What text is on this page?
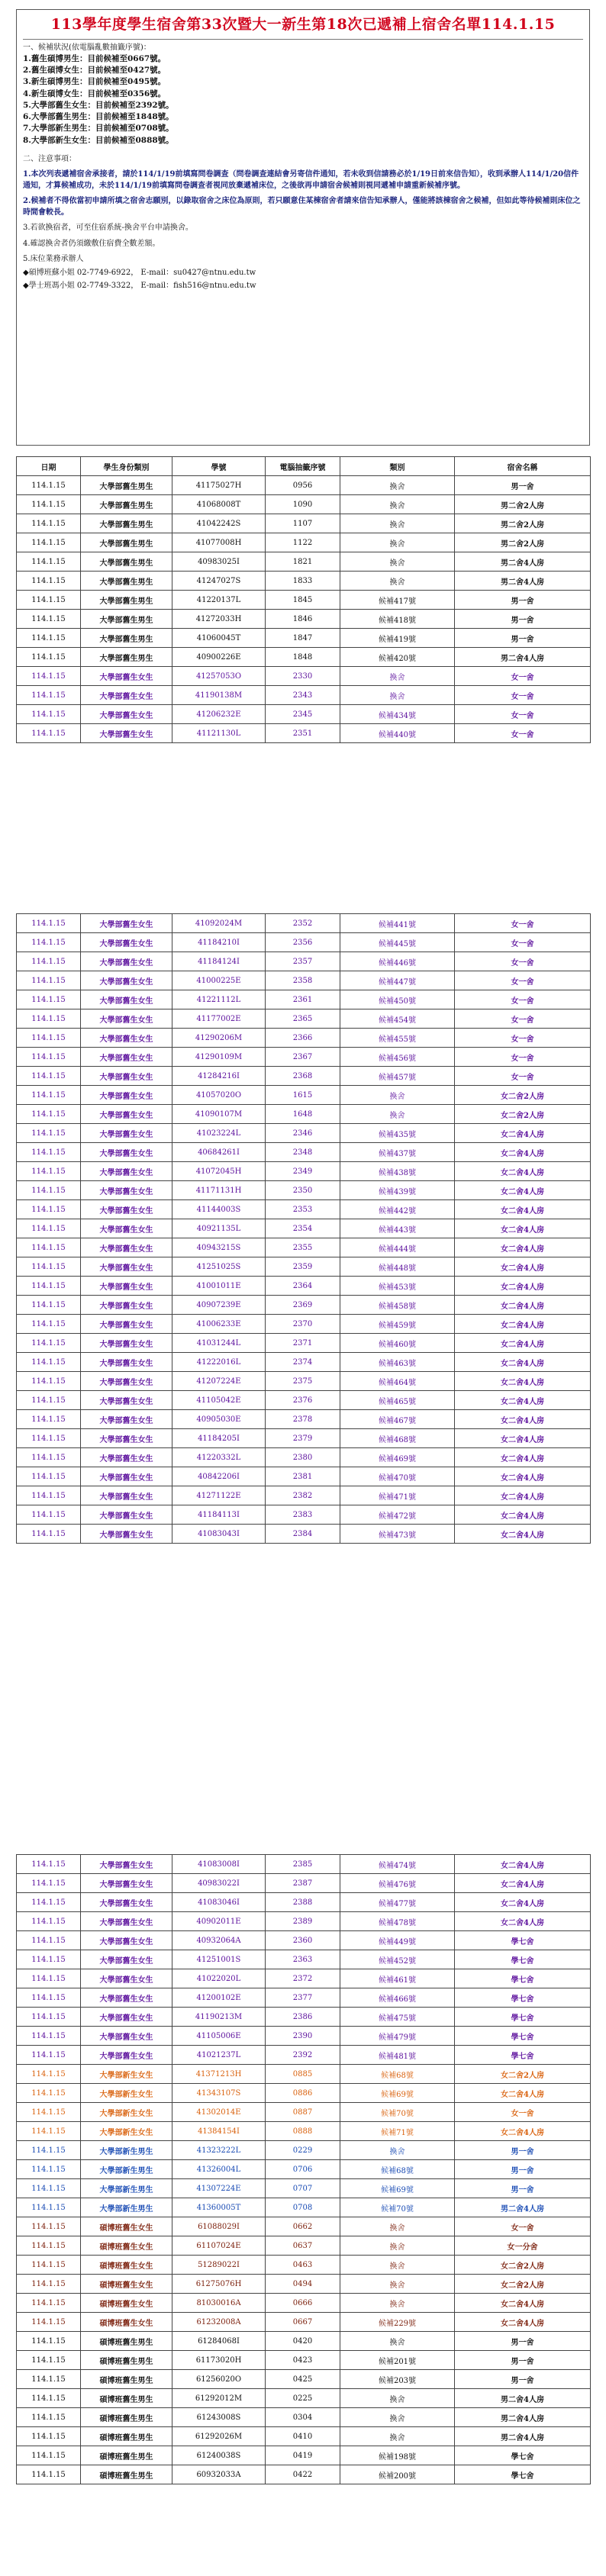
113學年度學生宿舍第33次暨大一新生第18次已遞補上宿舍名單114.1.15
一、候補狀況(依電腦亂數抽籤序號)：
1.舊生碩博男生：目前候補至0667號。
2.舊生碩博女生：目前候補至0427號。
3.新生碩博男生：目前候補至0495號。
4.新生碩博女生：目前候補至0356號。
5.大學部舊生女生：目前候補至2392號。
6.大學部舊生男生：目前候補至1848號。
7.大學部新生男生：目前候補至0708號。
8.大學部新生女生：目前候補至0888號。
二、注意事項：

1.本次列表遞補宿舍承接者，請於114/1/19前填寫問卷調查（問卷調查連結會另寄信件通知，若未收到信請務必於1/19日前來信告知），收到承辦人114/1/20信件通知，才算候補成功，未於114/1/19前填寫問卷調查者視同放棄遞補床位，之後欲再申請宿舍候補則視同遞補申請重新候補序號。

2.候補者不得依當初申請所填之宿舍志願別，以錄取宿舍之床位為原則，若只願意住某棟宿舍者請來信告知承辦人，僅能將該棟宿舍之候補，但如此等待候補則床位之時間會較長。

3.若欲換宿者，可至住宿系統-換舍平台申請換舍。

4.確認換舍者仍須繳敷住宿費全數差額。

5.床位業務承辦人

◆碩博班蘇小姐 02-7749-6922， E-mail：su0427@ntnu.edu.tw
◆學士班馮小姐 02-7749-3322， E-mail：fish516@ntnu.edu.tw
日期	學生身份類別	學號	電腦抽籤序號	類別	宿舍名稱
114.1.15	大學部舊生男生	41175027H	0956	換舍	男一舍
114.1.15	大學部舊生男生	41068008T	1090	換舍	男二舍2人房
114.1.15	大學部舊生男生	41042242S	1107	換舍	男二舍2人房
114.1.15	大學部舊生男生	41077008H	1122	換舍	男二舍2人房
114.1.15	大學部舊生男生	40983025I	1821	換舍	男二舍4人房
114.1.15	大學部舊生男生	41247027S	1833	換舍	男二舍4人房
114.1.15	大學部舊生男生	41220137L	1845	候補417號	男一舍
114.1.15	大學部舊生男生	41272033H	1846	候補418號	男一舍
114.1.15	大學部舊生男生	41060045T	1847	候補419號	男一舍
114.1.15	大學部舊生男生	40900226E	1848	候補420號	男二舍4人房
114.1.15	大學部舊生女生	41257053O	2330	換舍	女一舍
114.1.15	大學部舊生女生	41190138M	2343	換舍	女一舍
114.1.15	大學部舊生女生	41206232E	2345	候補434號	女一舍
114.1.15	大學部舊生女生	41121130L	2351	候補440號	女一舍
114.1.15	大學部舊生女生	41092024M	2352	候補441號	女一舍
114.1.15	大學部舊生女生	41184210I	2356	候補445號	女一舍
114.1.15	大學部舊生女生	41184124I	2357	候補446號	女一舍
114.1.15	大學部舊生女生	41000225E	2358	候補447號	女一舍
114.1.15	大學部舊生女生	41221112L	2361	候補450號	女一舍
114.1.15	大學部舊生女生	41177002E	2365	候補454號	女一舍
114.1.15	大學部舊生女生	41290206M	2366	候補455號	女一舍
114.1.15	大學部舊生女生	41290109M	2367	候補456號	女一舍
114.1.15	大學部舊生女生	41284216I	2368	候補457號	女一舍
114.1.15	大學部舊生女生	41057020O	1615	換舍	女二舍2人房
114.1.15	大學部舊生女生	41090107M	1648	換舍	女二舍2人房
114.1.15	大學部舊生女生	41023224L	2346	候補435號	女二舍4人房
114.1.15	大學部舊生女生	40684261I	2348	候補437號	女二舍4人房
114.1.15	大學部舊生女生	41072045H	2349	候補438號	女二舍4人房
114.1.15	大學部舊生女生	41171131H	2350	候補439號	女二舍4人房
114.1.15	大學部舊生女生	41144003S	2353	候補442號	女二舍4人房
114.1.15	大學部舊生女生	40921135L	2354	候補443號	女二舍4人房
114.1.15	大學部舊生女生	40943215S	2355	候補444號	女二舍4人房
114.1.15	大學部舊生女生	41251025S	2359	候補448號	女二舍4人房
114.1.15	大學部舊生女生	41001011E	2364	候補453號	女二舍4人房
114.1.15	大學部舊生女生	40907239E	2369	候補458號	女二舍4人房
114.1.15	大學部舊生女生	41006233E	2370	候補459號	女二舍4人房
114.1.15	大學部舊生女生	41031244L	2371	候補460號	女二舍4人房
114.1.15	大學部舊生女生	41222016L	2374	候補463號	女二舍4人房
114.1.15	大學部舊生女生	41207224E	2375	候補464號	女二舍4人房
114.1.15	大學部舊生女生	41105042E	2376	候補465號	女二舍4人房
114.1.15	大學部舊生女生	40905030E	2378	候補467號	女二舍4人房
114.1.15	大學部舊生女生	41184205I	2379	候補468號	女二舍4人房
114.1.15	大學部舊生女生	41220332L	2380	候補469號	女二舍4人房
114.1.15	大學部舊生女生	40842206I	2381	候補470號	女二舍4人房
114.1.15	大學部舊生女生	41271122E	2382	候補471號	女二舍4人房
114.1.15	大學部舊生女生	41184113I	2383	候補472號	女二舍4人房
114.1.15	大學部舊生女生	41083043I	2384	候補473號	女二舍4人房
114.1.15	大學部舊生女生	41083008I	2385	候補474號	女二舍4人房
114.1.15	大學部舊生女生	40983022I	2387	候補476號	女二舍4人房
114.1.15	大學部舊生女生	41083046I	2388	候補477號	女二舍4人房
114.1.15	大學部舊生女生	40902011E	2389	候補478號	女二舍4人房
114.1.15	大學部舊生女生	40932064A	2360	候補449號	學七舍
114.1.15	大學部舊生女生	41251001S	2363	候補452號	學七舍
114.1.15	大學部舊生女生	41022020L	2372	候補461號	學七舍
114.1.15	大學部舊生女生	41200102E	2377	候補466號	學七舍
114.1.15	大學部舊生女生	41190213M	2386	候補475號	學七舍
114.1.15	大學部舊生女生	41105006E	2390	候補479號	學七舍
114.1.15	大學部舊生女生	41021237L	2392	候補481號	學七舍
114.1.15	大學部新生女生	41371213H	0885	候補68號	女二舍2人房
114.1.15	大學部新生女生	41343107S	0886	候補69號	女二舍4人房
114.1.15	大學部新生女生	41302014E	0887	候補70號	女一舍
114.1.15	大學部新生女生	41384154I	0888	候補71號	女二舍4人房
114.1.15	大學部新生男生	41323222L	0229	換舍	男一舍
114.1.15	大學部新生男生	41326004L	0706	候補68號	男一舍
114.1.15	大學部新生男生	41307224E	0707	候補69號	男一舍
114.1.15	大學部新生男生	41360005T	0708	候補70號	男二舍4人房
114.1.15	碩博班舊生女生	61088029I	0662	換舍	女一舍
114.1.15	碩博班舊生女生	61107024E	0637	換舍	女一分舍
114.1.15	碩博班舊生女生	51289022I	0463	換舍	女二舍2人房
114.1.15	碩博班舊生女生	61275076H	0494	換舍	女二舍2人房
114.1.15	碩博班舊生女生	81030016A	0666	換舍	女二舍4人房
114.1.15	碩博班舊生女生	61232008A	0667	候補229號	女二舍4人房
114.1.15	碩博班舊生男生	61284068I	0420	換舍	男一舍
114.1.15	碩博班舊生男生	61173020H	0423	候補201號	男一舍
114.1.15	碩博班舊生男生	61256020O	0425	候補203號	男一舍
114.1.15	碩博班舊生男生	61292012M	0225	換舍	男二舍4人房
114.1.15	碩博班舊生男生	61243008S	0304	換舍	男二舍4人房
114.1.15	碩博班舊生男生	61292026M	0410	換舍	男二舍4人房
114.1.15	碩博班舊生男生	61240038S	0419	候補198號	學七舍
114.1.15	碩博班舊生男生	60932033A	0422	候補200號	學七舍
